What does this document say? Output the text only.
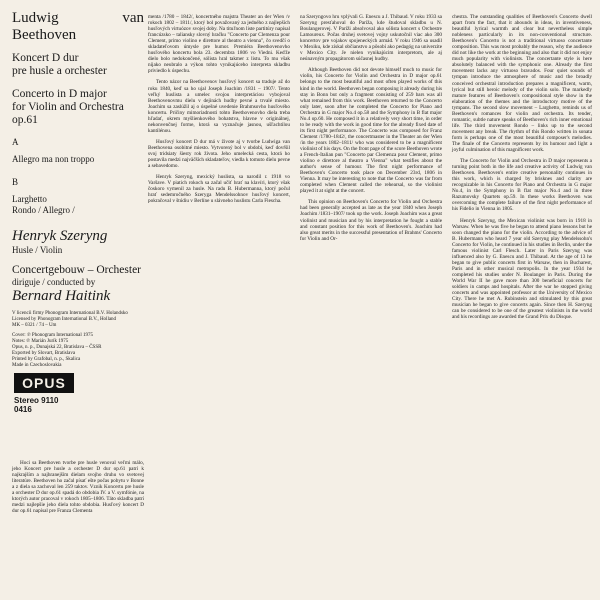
Ludwig van Beethoven
Koncert D dur
pre husle a orchester
Concerto in D major
for Violin and Orchestra
op.61
A
Allegro ma non troppo
B
Larghetto
Rondo / Allegro /
Henryk Szeryng
Husle / Violin
Concertgebouw – Orchester
diriguje / conducted by
Bernard Haitink
V licencii firmy Phonogram International B.V. Holandsko
Licensed by Phonogram International B.V., Holland
MK – 0321 / 74 – Um
Cover: ℗ Phonogram International 1975
Notes: ℗ Marián Jurík 1975
Opus, n. p., Dunajská 22, Bratislava – ČSSR
Exported by Slovart, Bratislava
Printed by Grafobal, n. p., Skalica
Made in Czechoslovakia
OPUS
Stereo 9110 0416

Hoci sa Beethoven tvorbe pre husle venoval veľmi málo, jeho Koncert pre husle a orchester D dur op.61 patrí k najkrajším a najhranejším dielam svojho druhu vo svetovej literatúre. Beethoven ho začal písať ešte počas pobytu v Bonne a z diela sa zachoval len 259 taktov. Vznik Koncertu pre husle a orchester D dur op.61 spadá do obdobia IV. a V. symfónie, na ktorých autor pracoval v rokoch 1805–1806. Táto skladba patrí medzi najlepšie jeho diela tohto obdobia. Husľový koncert D dur op.61 napísal pre Franza Clementa

menta /1780 – 1842/, koncertného majstra Theater an der Wien /v rokoch 1802 – 1811/, ktorý bol považovaný za jedného z najlepších husľových virtuózov svojej doby. Na tituľnom liste partitúry napísal francúzsko – taliansky slovný hračku "Concerto par Clemenza pour Clement, primo violino e direttore al theatro a vienna", čo svedčí o skladateľovom úmysle pre humor. Premiéra Beethovenovho husľového koncertu bola 23. decembra 1806 vo Viedni. Keďže dielo bolo nedokončené, sólista hral takmer z listu. To mu však nijako neubralo a výkon tohto vynikajúceho interpreta skladbu priviedlo k úspechu.

Tento názor na Beethovenov husľový koncert sa traduje až do roku 1840, keď sa ho ujal Joseph Joachim /1831 – 1907/. Tento veľký huslista a umelec svojou interpretáciou vybojoval Beethovenovmu dielu v dejinách hudby pevné a trvalé miesto. Joachim sa zaslúžil aj o úspešné uvedenie Brahmsovho husľového koncertu. Pričiny mimoriadnosti tohto Beethovenovho diela treba hľadať, okrem myšlienkového bohatstva, hlavne v originálnej, nekonvenčnej forme, ktorá sa vyznačuje jasnou, ušľachtilou kantilénou.

Husľový koncert D dur má v živote aj v tvorbe Ludwiga van Beethovena osobitné miesto. Vytvorený bol v období, keď dovŕšil svoj tridsiaty šiesty rok života. Jeho umelecká cesta, ktorá ho postavila medzi najväčších skladateľov, viedla k tomuto dielu pevne a sebavedomo.

Henryk Szeryng, mexický huslista, sa narodil r. 1918 vo Varšave. V piatich rokoch sa začal učiť hrať na klavíri, ktorý však čoskoro vymenil za husle. Na radu B. Hubermanna, ktorý počul hrať sedemročného Szeryga Mendelssohnov husľový koncert, pokračoval v štúdiu v Berlíne u slávneho huslistu Carla Flescha.

na Szeryngovo hru vplývali G. Enescu a J. Thibaud. V roku 1933 sa Szeryng presťahoval do Paríža, kde študoval skladbu u N. Boulangerovej. V Paríži absolvoval ako sólista koncert s Orchestre Lamoureux. Počas druhej svetovej vojny uskutočnil viac ako 300 koncertov pre vojakov spojeneckých armád. V roku 1946 sa usadil v Mexiku, kde získal občianstvo a pôsobí ako pedagóg na univerzite v Mexico City. Je nielen vynikajúcim interpretom, ale aj neúnavným propagátorom súčasnej hudby.

Although Beethoven did not devote himself much to music for violin, his Concerto for Violin and Orchestra in D major op.61 belongs to the most beautiful and most often played works of this kind in the world. Beethoven began composing it already during his stay in Bonn but only a fragment consisting of 259 bars was all what remained from this work. Beethoven returned to the Concerto only later, soon after he completed the Concerto for Piano and Orchestra in G major No.4 op.58 and the Symphony in B flat major No.4 op.60. He composed it in a relatively very short time, in order to be ready with the work in good time for the already fixed date of its first night performance. The Concerto was composed for Franz Clement /1780–1842/, the concertmaster in the Theater an der Wien /in the years 1802–1811/ who was considered to be a magnificent violinist of his days. On the front page of the score Beethoven wrote a French-Italian pun "Concerto par Clemenza pour Clement, primo violino e direttore al theatro a Vienna" what testifies about the author's sense of humour. The first night performance of Beethoven's Concerto took place on December 23rd, 1806 in Vienna. It may be interesting to note that the Concerto was far from completed when Clement called the rehearsal, so the violinist played it at sight at the concert.

This opinion on Beethoven's Concerto for Violin and Orchestra had been generally accepted as late as the year 1840 when Joseph Joachim /1831–1907/ took up the work. Joseph Joachim was a great violinist and musician and by his interpretation he fought a stable and constant position for this work of Beethoven's. Joachim had also great merits in the successful presentation of Brahms' Concerto for Violin and Or-

chestra. The outstanding qualities of Beethoven's Concerto dwell apart from the fact, that it abounds in ideas, in inventiveness, beautiful lyrical warmth and clear but nevertheless simple nobleness particularly in its non-conventional structure. Beethoven's Concerto is not a traditional virtuoso concertante composition. This was most probably the reason, why the audience did not like the work at the beginning and also that it did not enjoy much popularity with violinists. The concertante style is here absolutely balanced with the symphonic one. Already the first movement lacks any virtuoso bravados. Four quiet sounds of tympan introduce the atmosphere of music and the broadly conceived orchestral introduction prepares a magnificent, warm, lyrical but still heroic melody of the violin solo. The markedly mature features of Beethoven's compositional style show in the elaboration of the themes and the introductory motive of the tympans. The second slow movement – Larghetto, reminds us of Beethoven's romances for violin and orchestra. Its tender, romantic, subtle nature speaks of Beethoven's rich inner emotional life. The third movement Rondo – links up to the second movement any break. The rhythm of this Rondo written in sonata form is perhaps one of the most beautiful composer's melodies. The finale of the Concerto represents by its humour and light a joyful culmination of this magnificent work.

The Concerto for Violin and Orchestra in D major represents a turning point both in the life and creative activity of Ludwig van Beethoven. Beethoven's entire creative personality continues in this work, which is charged by brisknes and clarity are recognizable in his Concerto for Piano and Orchestra in G major No.4, in the Symphony in B flat major No.4 and in three Razumovsky Quartets op.59. In these works Beethoven was overcoming the complete failure of the first night performance of his Fidelio in Vienna in 1805.

Henryk Szeryng, the Mexican violinist was born in 1918 in Warsaw. When he was five he began to attend piano lessons but he soon changed the piano for the violin. According to the advice of B. Hubermann who heard 7 year old Szeryng play Mendelssohn's Concerto for Violin, he continued in his studies in Berlin, under the famous violinist Carl Flesch. Later in Paris Szeryng was influenced also by G. Enescu and J. Thibaud. At the age of 13 he began to give public concerts first in Warsaw, then in Bucharest, Paris and in other musical metropolis. In the year 1934 he completed his studies under N. Boulanger in Paris. During the World War II he gave more than 300 beneficial concerts for soldiers in camps and hospitals. After the war he stopped giving concerts and was appointed professor at the University of Mexico City. There he met A. Rubinstein and stimulated by this great musician he began to give concerts again. Since then H. Szeryng can be considered to be one of the greatest violinists in the world and his recordings are awarded the Grand Prix du Disque.
